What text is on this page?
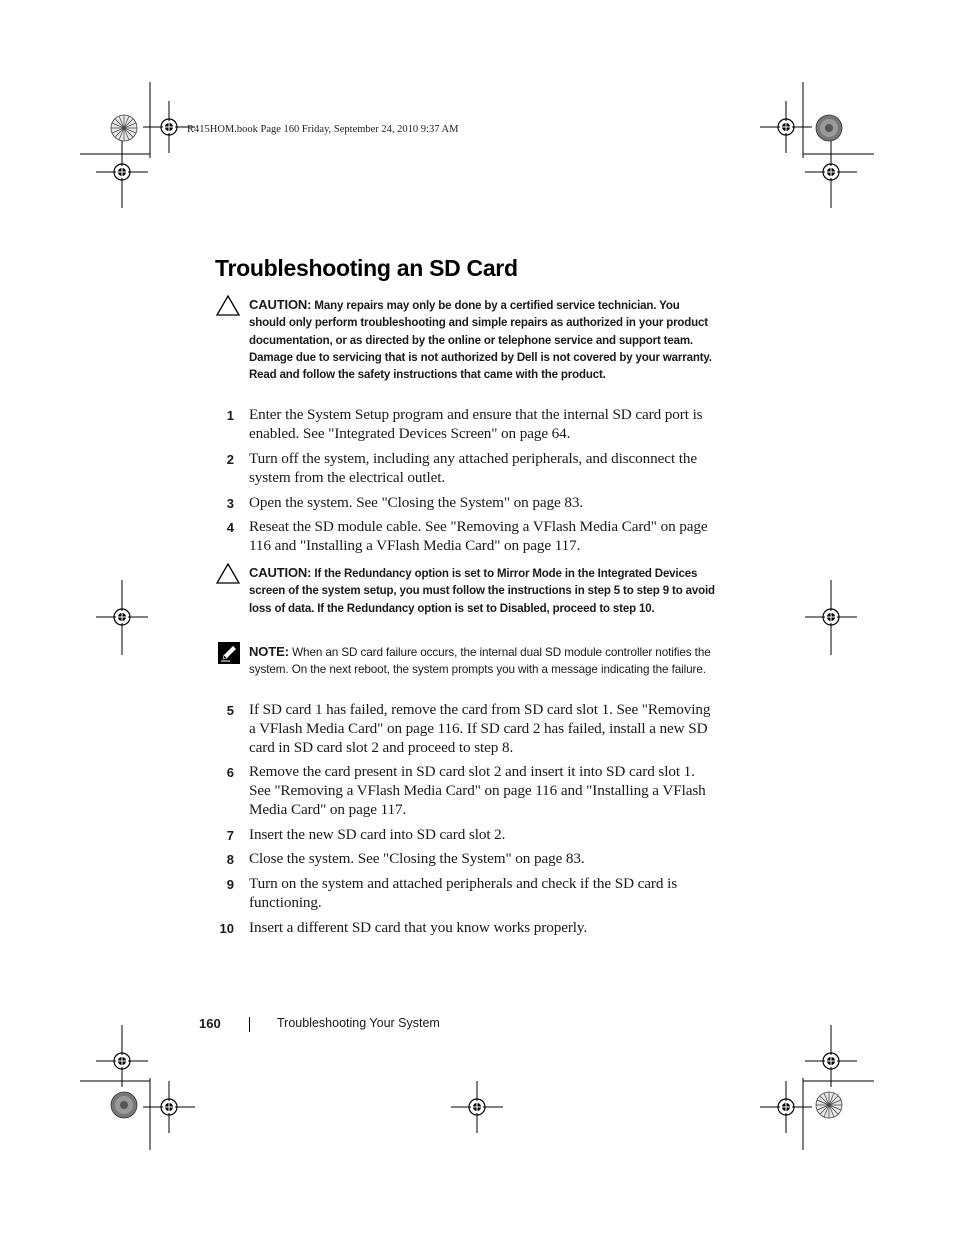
R415HOM.book Page 160 Friday, September 24, 2010 9:37 AM
Troubleshooting an SD Card
CAUTION: Many repairs may only be done by a certified service technician. You should only perform troubleshooting and simple repairs as authorized in your product documentation, or as directed by the online or telephone service and support team. Damage due to servicing that is not authorized by Dell is not covered by your warranty. Read and follow the safety instructions that came with the product.
1 Enter the System Setup program and ensure that the internal SD card port is enabled. See "Integrated Devices Screen" on page 64.
2 Turn off the system, including any attached peripherals, and disconnect the system from the electrical outlet.
3 Open the system. See "Closing the System" on page 83.
4 Reseat the SD module cable. See "Removing a VFlash Media Card" on page 116 and "Installing a VFlash Media Card" on page 117.
CAUTION: If the Redundancy option is set to Mirror Mode in the Integrated Devices screen of the system setup, you must follow the instructions in step 5 to step 9 to avoid loss of data. If the Redundancy option is set to Disabled, proceed to step 10.
NOTE: When an SD card failure occurs, the internal dual SD module controller notifies the system. On the next reboot, the system prompts you with a message indicating the failure.
5 If SD card 1 has failed, remove the card from SD card slot 1. See "Removing a VFlash Media Card" on page 116. If SD card 2 has failed, install a new SD card in SD card slot 2 and proceed to step 8.
6 Remove the card present in SD card slot 2 and insert it into SD card slot 1. See "Removing a VFlash Media Card" on page 116 and "Installing a VFlash Media Card" on page 117.
7 Insert the new SD card into SD card slot 2.
8 Close the system. See "Closing the System" on page 83.
9 Turn on the system and attached peripherals and check if the SD card is functioning.
10 Insert a different SD card that you know works properly.
160	Troubleshooting Your System
